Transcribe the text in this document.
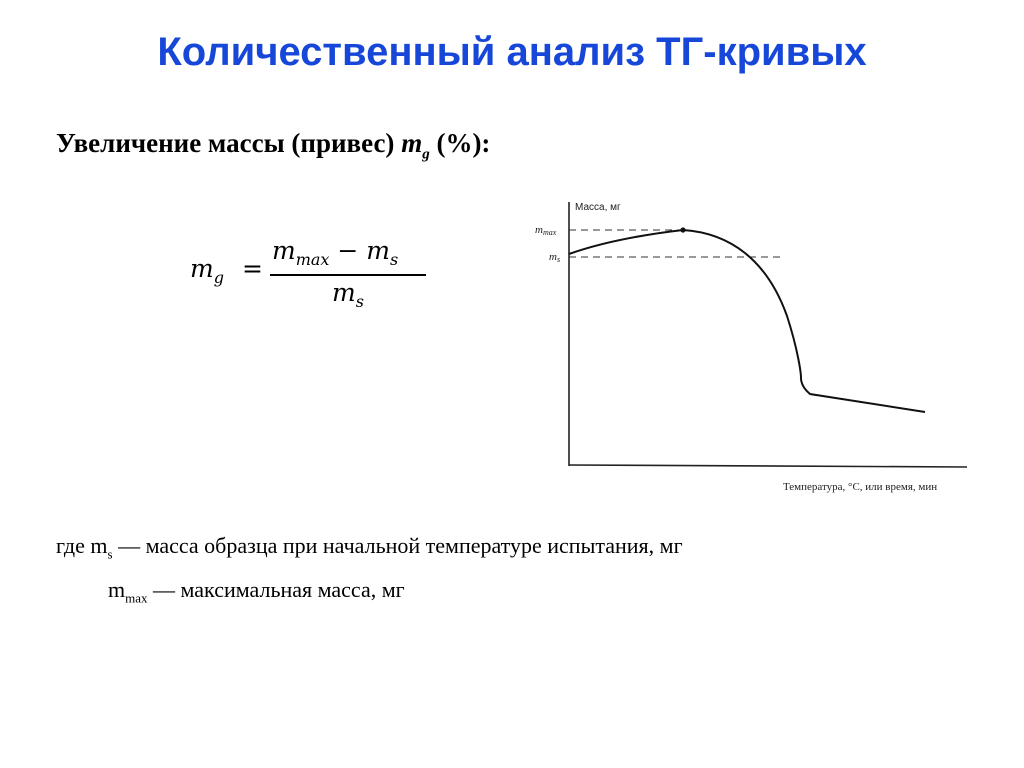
Количественный анализ ТГ-кривых
Увеличение массы (привес) $m_g$ (%):
$m_g$ =
$m_{max} - m_s$
$m_s$
Масса, мг
mmax
ms
Температура, °С, или время, мин
где $m_s$ — масса образца при начальной температуре испытания, мг
$m_{max}$ — максимальная масса, мг
